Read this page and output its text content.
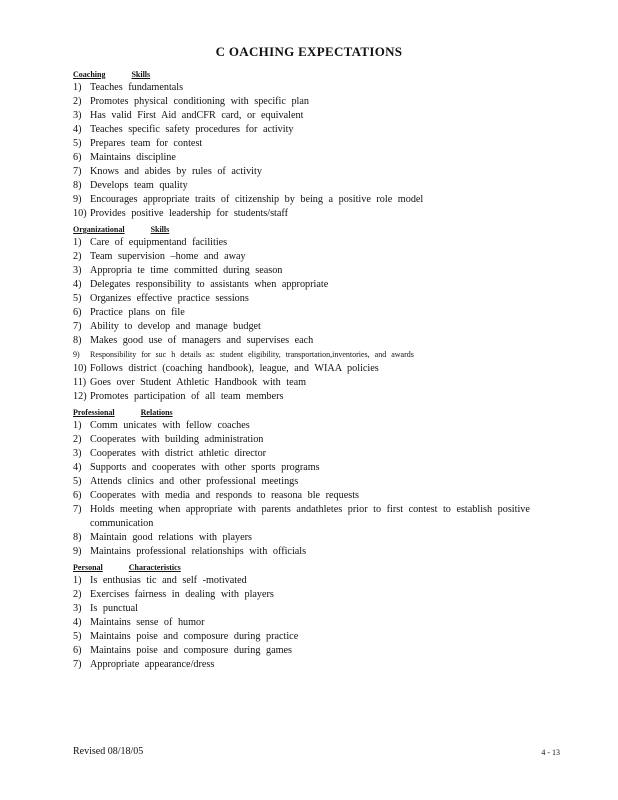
C OACHING EXPECTATIONS
Coaching	Skills
1) Teaches fundamentals
2) Promotes physical conditioning with specific plan
3) Has valid First Aid andCFR card, or equivalent
4) Teaches specific safety procedures for activity
5) Prepares team for contest
6) Maintains discipline
7) Knows and abides by rules of activity
8) Develops team quality
9) Encourages appropriate traits of citizenship by being a positive role model
10) Provides positive leadership for students/staff
Organizational	Skills
1) Care of equipmentand facilities
2) Team supervision –home and away
3) Appropria te time committed during season
4) Delegates responsibility to assistants when appropriate
5) Organizes effective practice sessions
6) Practice plans on file
7) Ability to develop and manage budget
8) Makes good use of managers and supervises each
9)	Responsibility for suc h details as: student eligibility, transportation,inventories, and awards
10) Follows district (coaching handbook), league, and WIAA policies
11) Goes over Student Athletic Handbook with team
12) Promotes participation of all team members
Professional	Relations
1) Comm unicates with fellow coaches
2) Cooperates with building administration
3) Cooperates with district athletic director
4) Supports and cooperates with other sports programs
5) Attends clinics and other professional meetings
6) Cooperates with media and responds to reasona ble requests
7) Holds meeting when appropriate with parents andathletes prior to first contest to establish positive communication
8) Maintain good relations with players
9) Maintains professional relationships with officials
Personal	Characteristics
1) Is enthusias tic and self -motivated
2) Exercises fairness in dealing with players
3) Is punctual
4) Maintains sense of humor
5) Maintains poise and composure during practice
6) Maintains poise and composure during games
7) Appropriate appearance/dress
Revised 08/18/05	4 - 13
